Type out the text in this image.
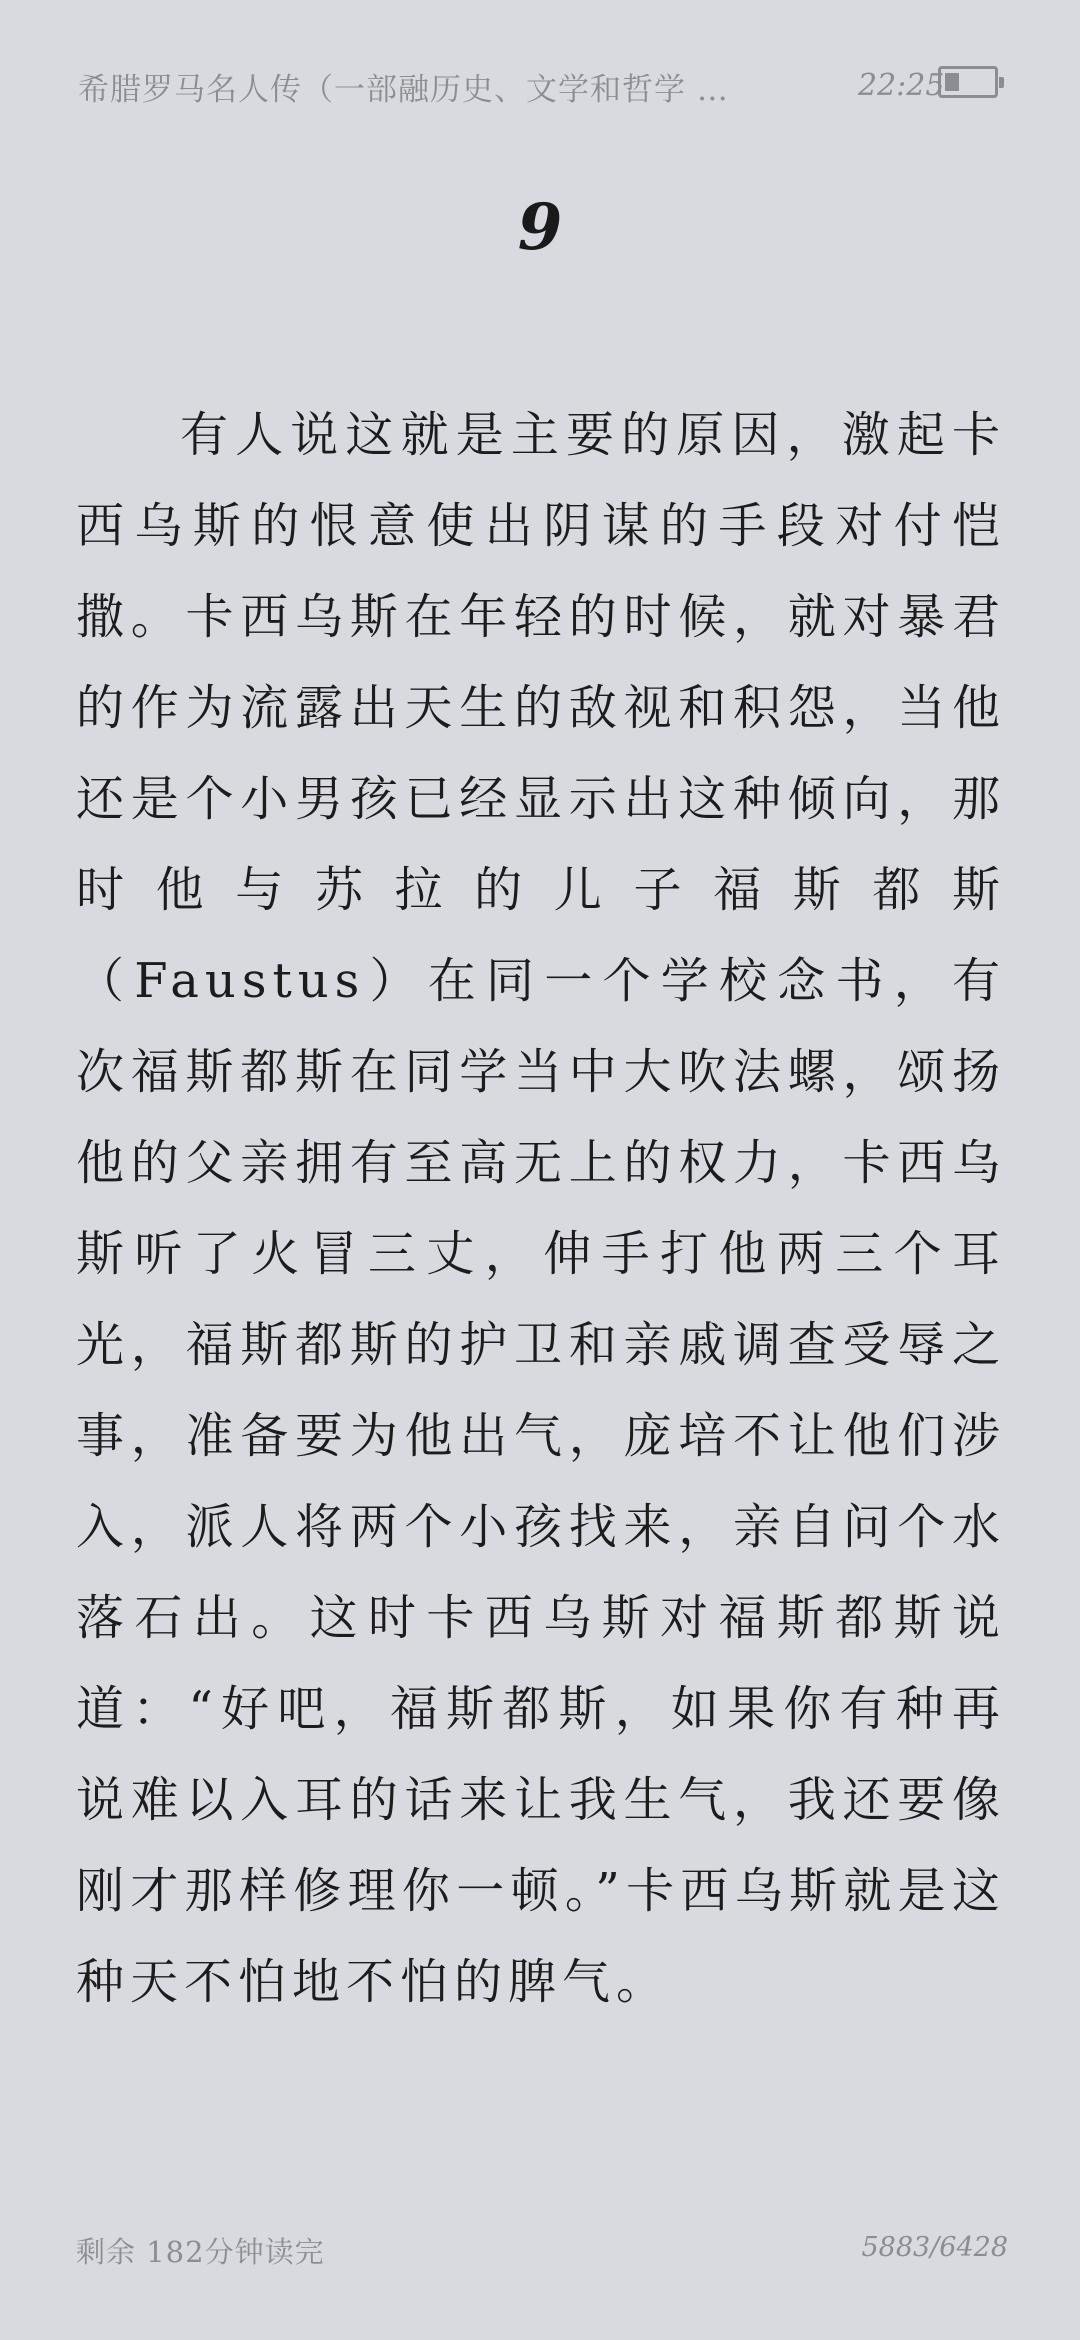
希腊罗马名人传（一部融历史、文学和哲学 …	22:25
9

有人说这就是主要的原因，激起卡西乌斯的恨意使出阴谋的手段对付恺撒。卡西乌斯在年轻的时候，就对暴君的作为流露出天生的敌视和积怨，当他还是个小男孩已经显示出这种倾向，那时他与苏拉的儿子福斯都斯（Faustus）在同一个学校念书，有次福斯都斯在同学当中大吹法螺，颂扬他的父亲拥有至高无上的权力，卡西乌斯听了火冒三丈，伸手打他两三个耳光，福斯都斯的护卫和亲戚调查受辱之事，准备要为他出气，庞培不让他们涉入，派人将两个小孩找来，亲自问个水落石出。这时卡西乌斯对福斯都斯说道：“好吧，福斯都斯，如果你有种再说难以入耳的话来让我生气，我还要像刚才那样修理你一顿。”卡西乌斯就是这种天不怕地不怕的脾气。

剩余 182分钟读完	5883/6428
